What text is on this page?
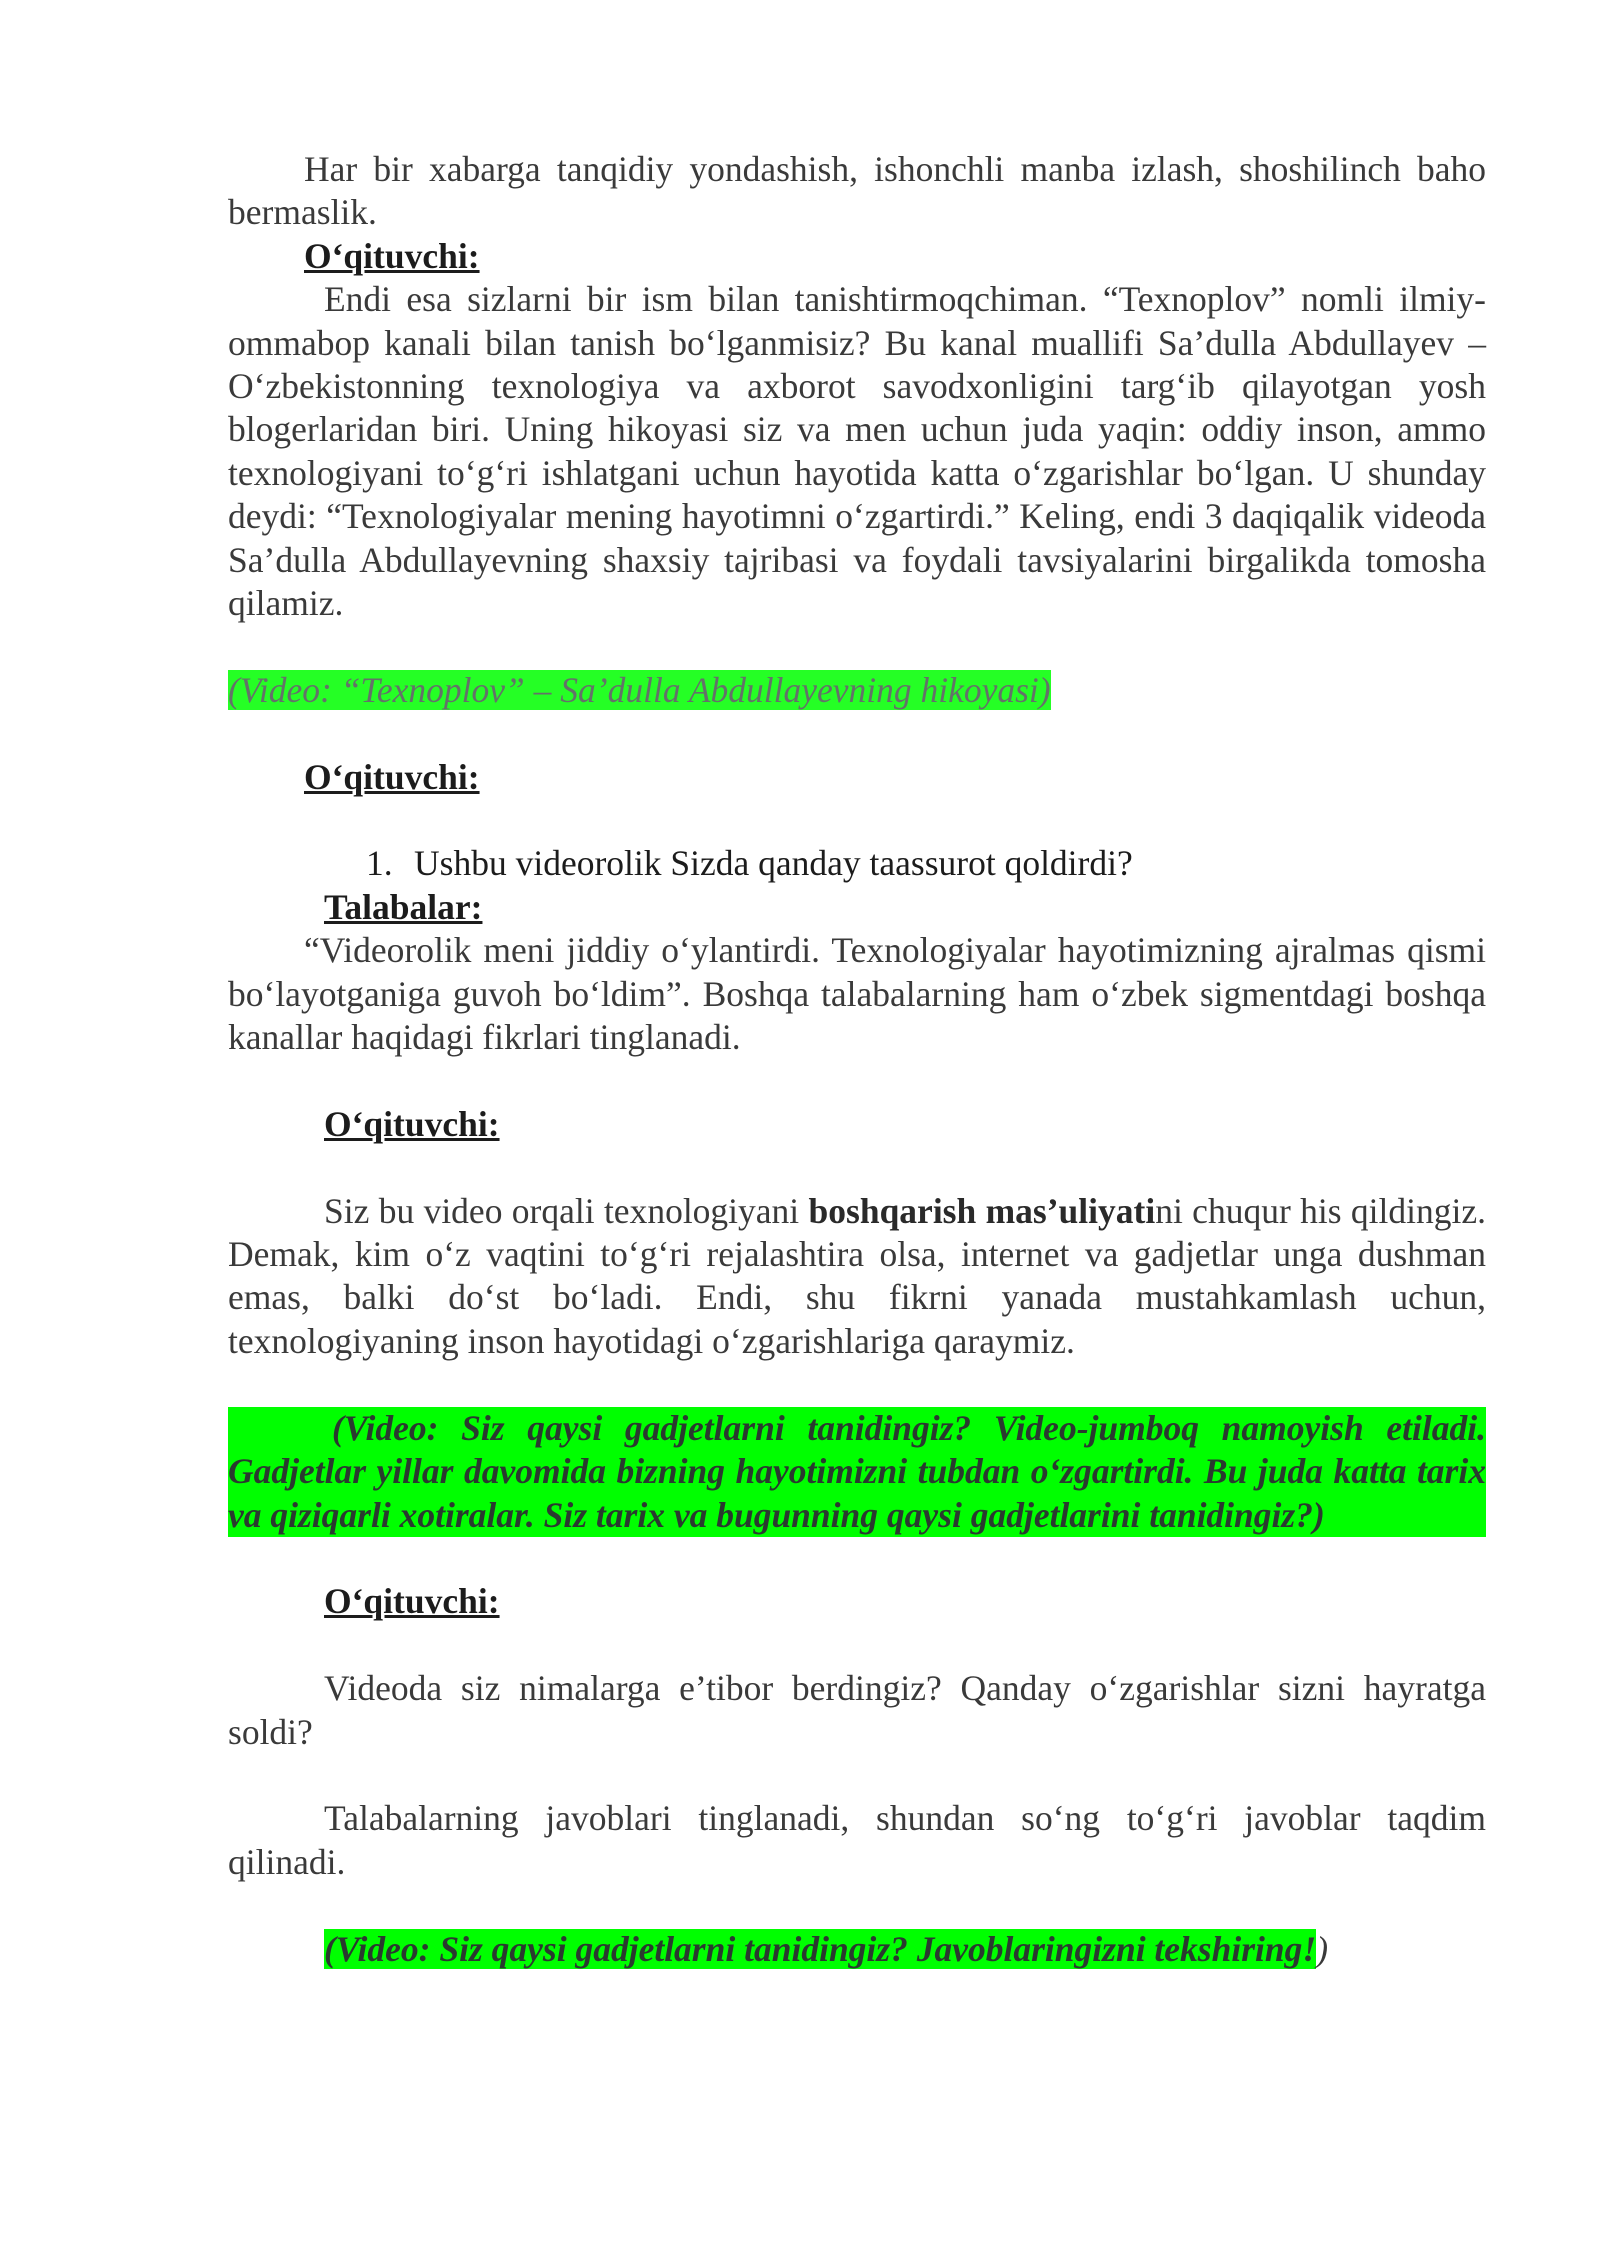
Har bir xabarga tanqidiy yondashish, ishonchli manba izlash, shoshilinch baho bermaslik.

O‘qituvchi:

Endi esa sizlarni bir ism bilan tanishtirmoqchiman. “Texnoplov” nomli ilmiy-ommabop kanali bilan tanish bo‘lganmisiz? Bu kanal muallifi Sa’dulla Abdullayev – O‘zbekistonning texnologiya va axborot savodxonligini targ‘ib qilayotgan yosh blogerlaridan biri. Uning hikoyasi siz va men uchun juda yaqin: oddiy inson, ammo texnologiyani to‘g‘ri ishlatgani uchun hayotida katta o‘zgarishlar bo‘lgan. U shunday deydi: “Texnologiyalar mening hayotimni o‘zgartirdi.” Keling, endi 3 daqiqalik videoda Sa’dulla Abdullayevning shaxsiy tajribasi va foydali tavsiyalarini birgalikda tomosha qilamiz.

(Video: “Texnoplov” – Sa’dulla Abdullayevning hikoyasi)
O‘qituvchi:
1. Ushbu videorolik Sizda qanday taassurot qoldirdi?
Talabalar:

“Videorolik meni jiddiy o‘ylantirdi. Texnologiyalar hayotimizning ajralmas qismi bo‘layotganiga guvoh bo‘ldim”. Boshqa talabalarning ham o‘zbek sigmentdagi boshqa kanallar haqidagi fikrlari tinglanadi.

O‘qituvchi:

Siz bu video orqali texnologiyani boshqarish mas’uliyatini chuqur his qildingiz. Demak, kim o‘z vaqtini to‘g‘ri rejalashtira olsa, internet va gadjetlar unga dushman emas, balki do‘st bo‘ladi. Endi, shu fikrni yanada mustahkamlash uchun, texnologiyaning inson hayotidagi o‘zgarishlariga qaraymiz.

(Video: Siz qaysi gadjetlarni tanidingiz? Video-jumboq namoyish etiladi. Gadjetlar yillar davomida bizning hayotimizni tubdan o‘zgartirdi. Bu juda katta tarix va qiziqarli xotiralar. Siz tarix va bugunning qaysi gadjetlarini tanidingiz?)

O‘qituvchi:

Videoda siz nimalarga e’tibor berdingiz? Qanday o‘zgarishlar sizni hayratga soldi?

Talabalarning javoblari tinglanadi, shundan so‘ng to‘g‘ri javoblar taqdim qilinadi.

(Video: Siz qaysi gadjetlarni tanidingiz? Javoblaringizni tekshiring!)
